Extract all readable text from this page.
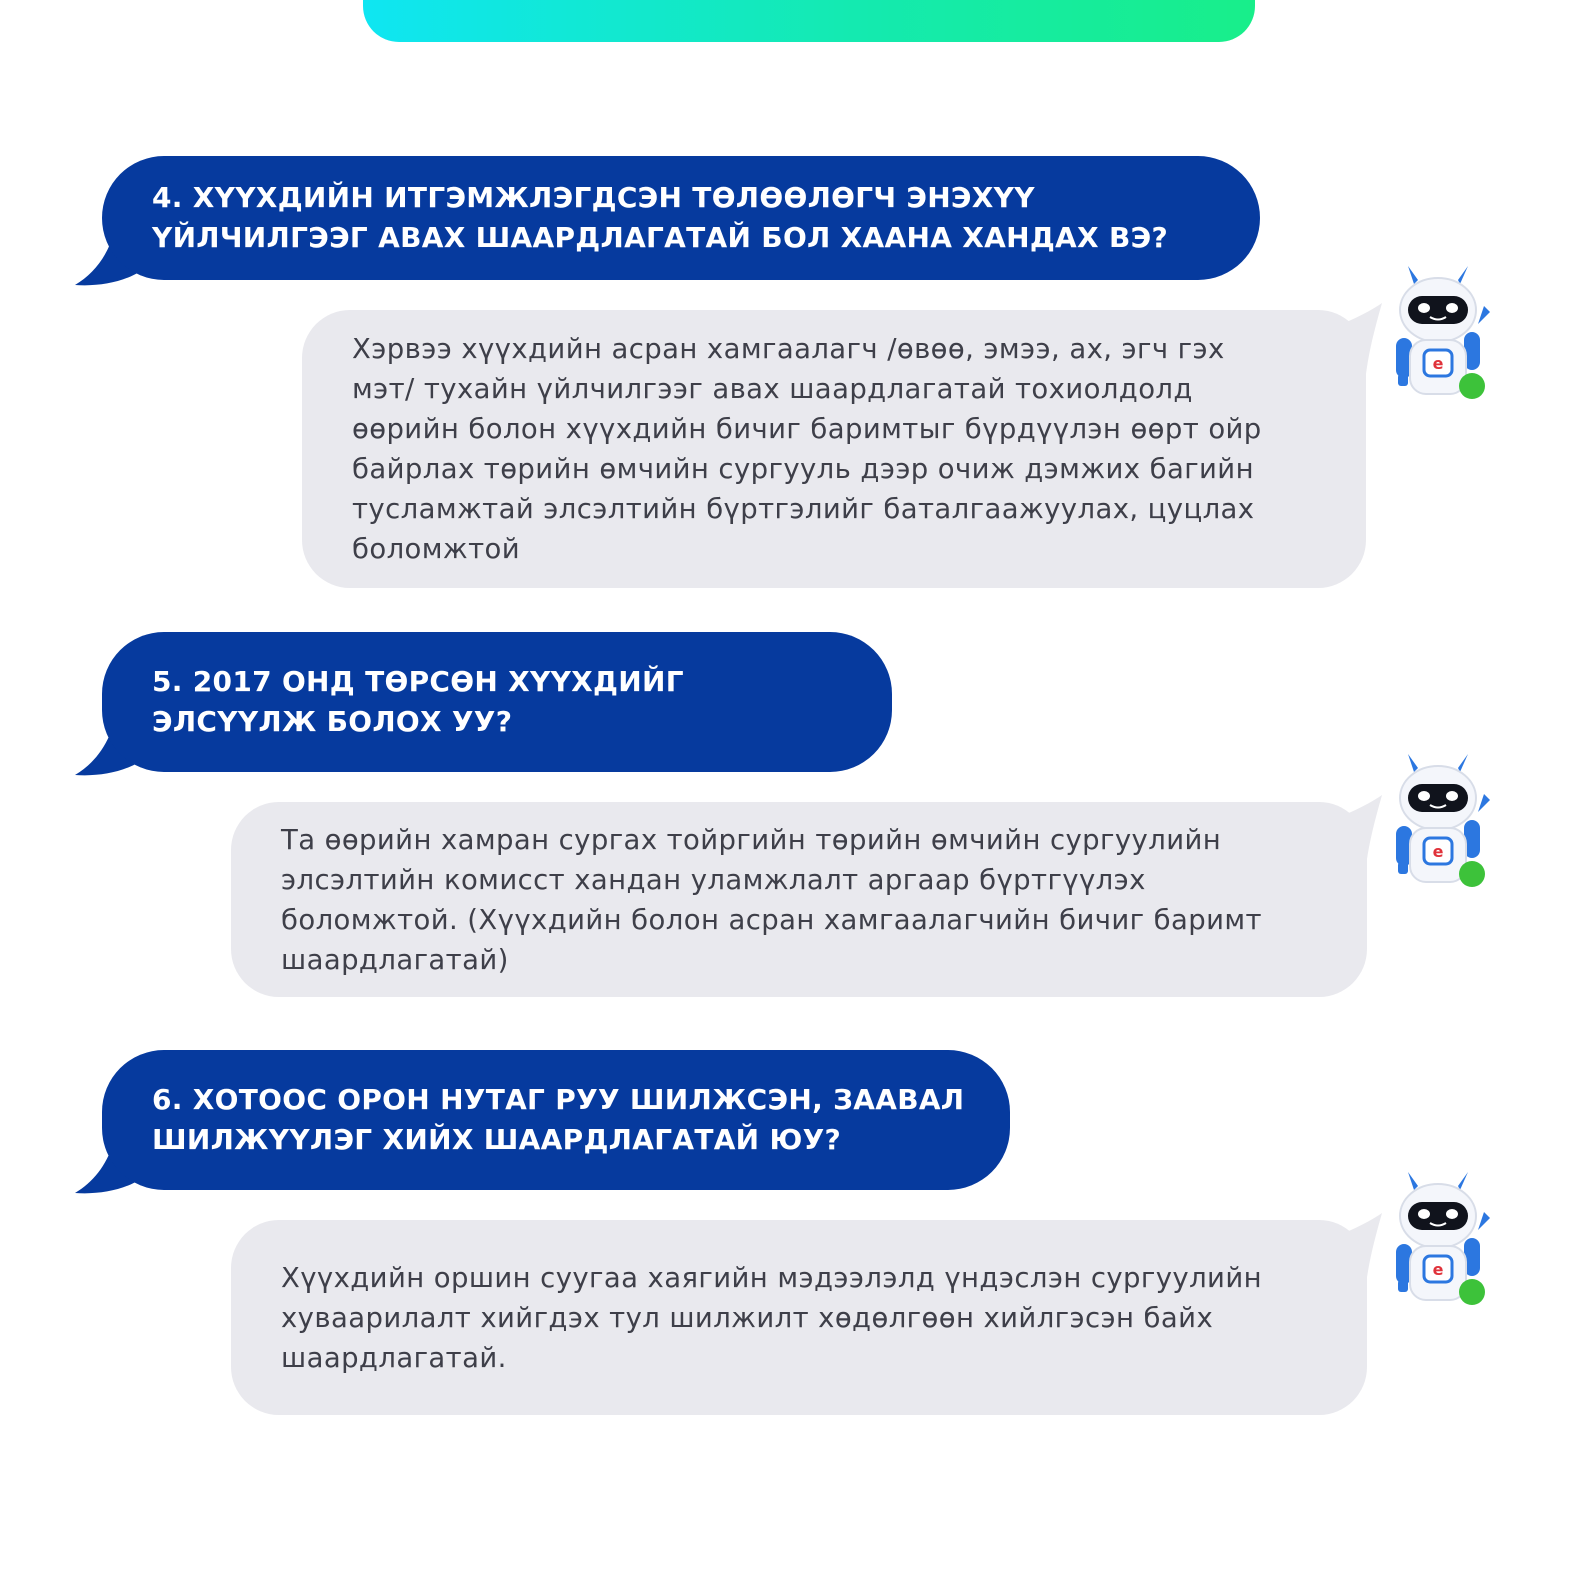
4. ХҮҮХДИЙН ИТГЭМЖЛЭГДСЭН ТӨЛӨӨЛӨГЧ ЭНЭХҮҮ
ҮЙЛЧИЛГЭЭГ АВАХ ШААРДЛАГАТАЙ БОЛ ХААНА ХАНДАХ ВЭ?

Хэрвээ хүүхдийн асран хамгаалагч /өвөө, эмээ, ах, эгч гэх
мэт/ тухайн үйлчилгээг авах шаардлагатай тохиолдолд
өөрийн болон хүүхдийн бичиг баримтыг бүрдүүлэн өөрт ойр
байрлах төрийн өмчийн сургууль дээр очиж дэмжих багийн
тусламжтай элсэлтийн бүртгэлийг баталгаажуулах, цуцлах
боломжтой

e
5. 2017 ОНД ТӨРСӨН ХҮҮХДИЙГ
ЭЛСҮҮЛЖ БОЛОХ УУ?

Та өөрийн хамран сургах тойргийн төрийн өмчийн сургуулийн
элсэлтийн комисст хандан уламжлалт аргаар бүртгүүлэх
боломжтой. (Хүүхдийн болон асран хамгаалагчийн бичиг баримт
шаардлагатай)

e
6. ХОТООС ОРОН НУТАГ РУУ ШИЛЖСЭН, ЗААВАЛ
ШИЛЖҮҮЛЭГ ХИЙХ ШААРДЛАГАТАЙ ЮУ?

Хүүхдийн оршин суугаа хаягийн мэдээлэлд үндэслэн сургуулийн
хуваарилалт хийгдэх тул шилжилт хөдөлгөөн хийлгэсэн байх
шаардлагатай.

e
